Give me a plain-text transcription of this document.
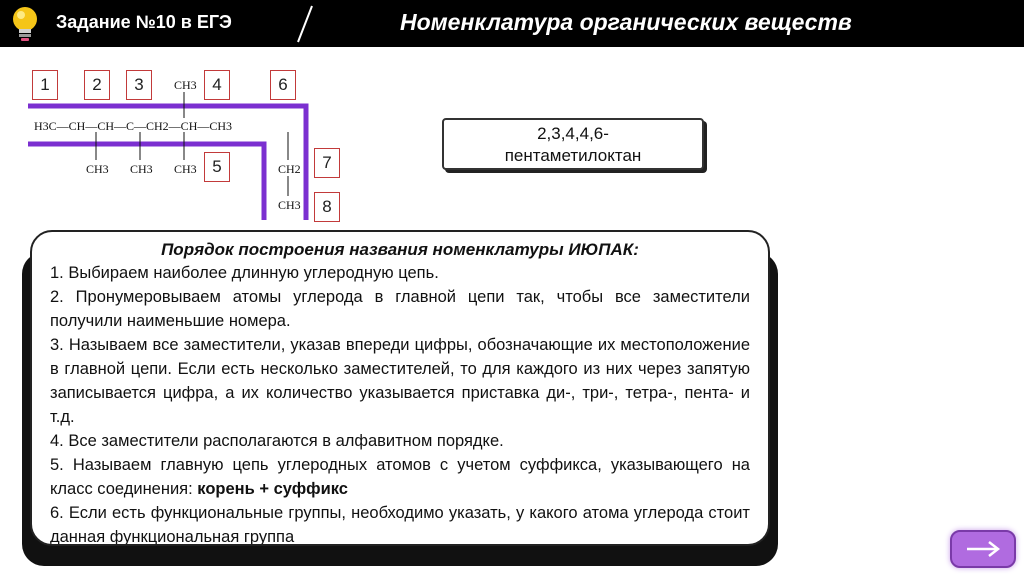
Задание №10 в ЕГЭ	Номенклатура органических веществ
1	2	3	4	6
5	7
8
H3C—CH—CH—C—CH2—CH—CH3
CH3
CH3 CH3 CH3	CH2
CH3
2,3,4,4,6-
пентаметилоктан
Порядок построения названия номенклатуры ИЮПАК:
1. Выбираем наиболее длинную углеродную цепь.
2. Пронумеровываем атомы углерода в главной цепи так, чтобы все заместители получили наименьшие номера.
3. Называем все заместители, указав впереди цифры, обозначающие их местоположение в главной цепи. Если есть несколько заместителей, то для каждого из них через запятую записывается цифра, а их количество указывается приставка ди-, три-, тетра-, пента- и т.д.
4. Все заместители располагаются в алфавитном порядке.
5. Называем главную цепь углеродных атомов с учетом суффикса, указывающего на класс соединения: корень + суффикс
6. Если есть функциональные группы, необходимо указать, у какого атома углерода стоит данная функциональная группа
